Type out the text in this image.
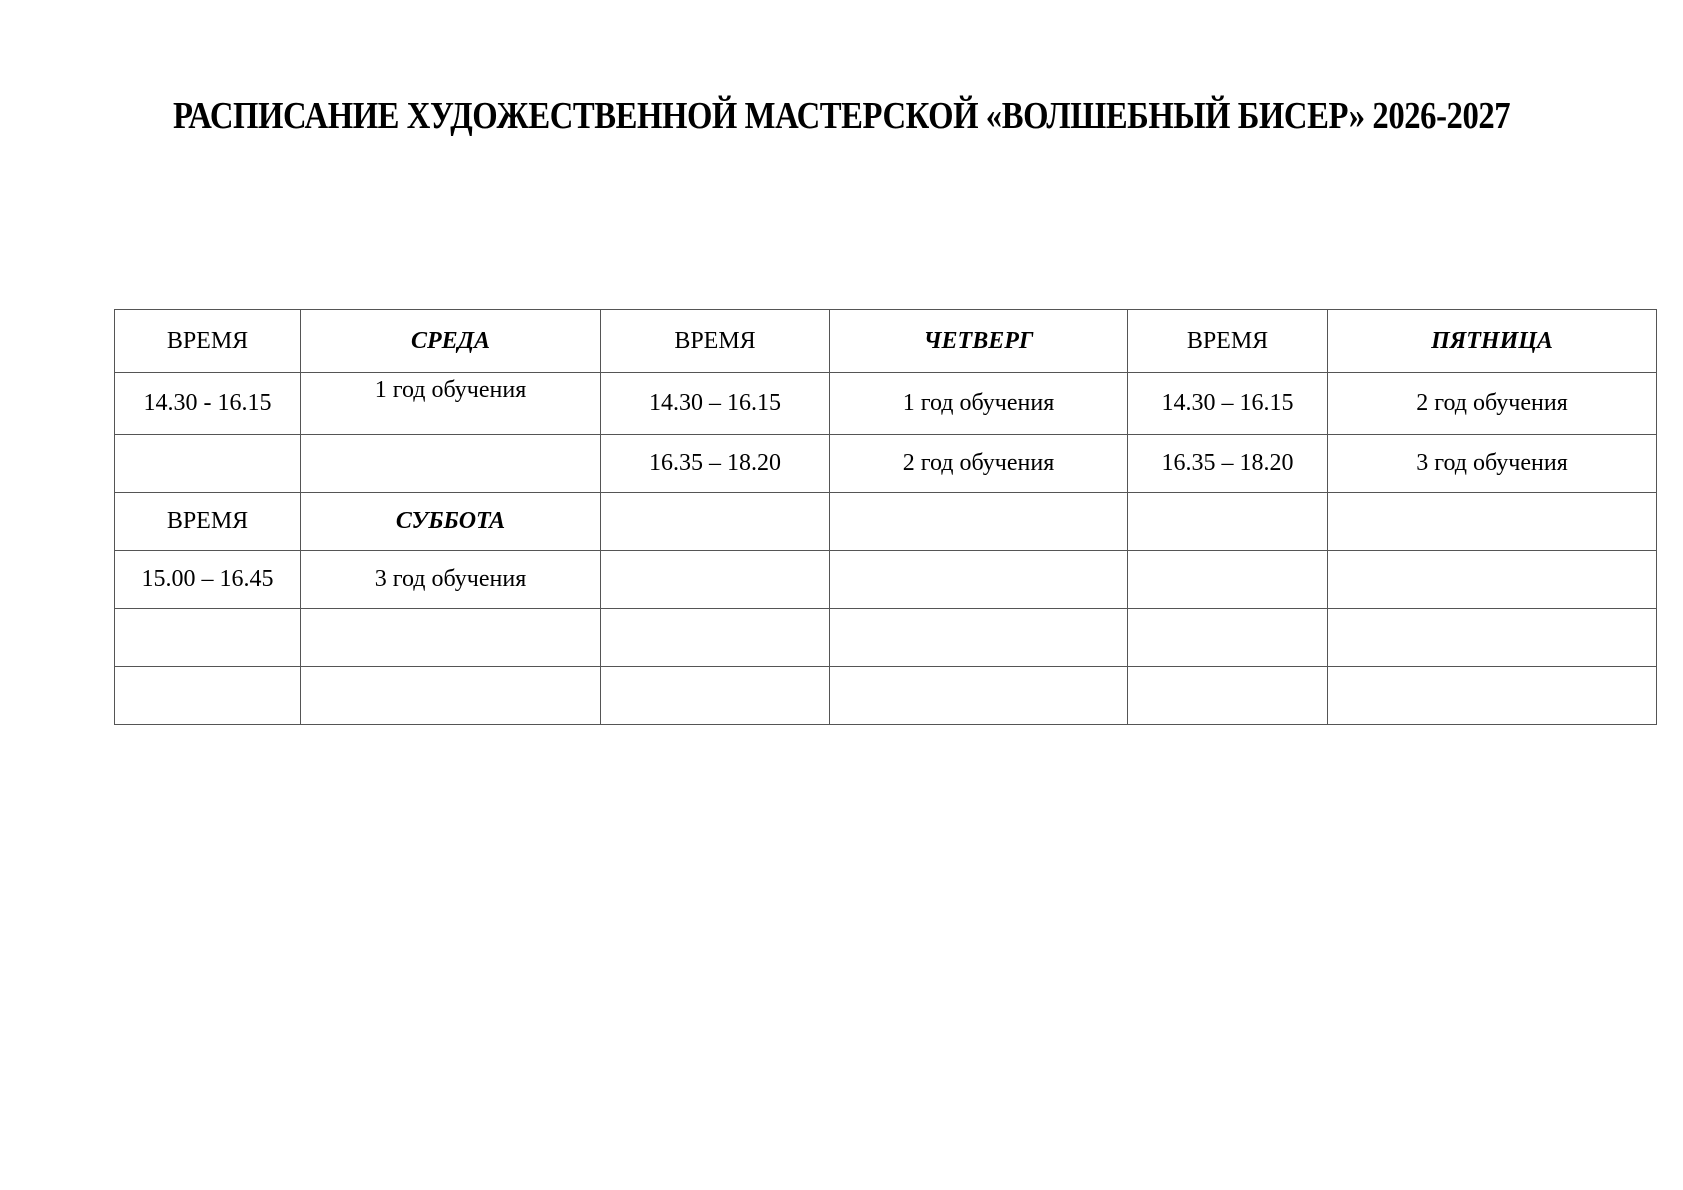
РАСПИСАНИЕ ХУДОЖЕСТВЕННОЙ МАСТЕРСКОЙ «ВОЛШЕБНЫЙ БИСЕР» 2026-2027
ВРЕМЯ	СРЕДА	ВРЕМЯ	ЧЕТВЕРГ	ВРЕМЯ	ПЯТНИЦА
14.30 - 16.15	1 год обучения	14.30 – 16.15	1 год обучения	14.30 – 16.15	2 год обучения
		16.35 – 18.20	2 год обучения	16.35 – 18.20	3 год обучения
ВРЕМЯ	СУББОТА				
15.00 – 16.45	3 год обучения				
